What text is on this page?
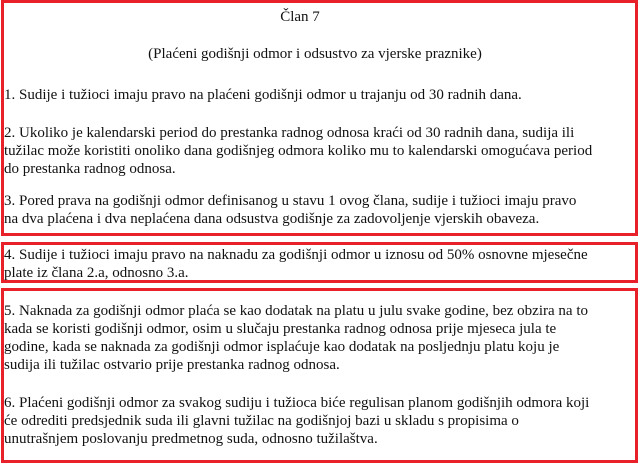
Član 7
(Plaćeni godišnji odmor i odsustvo za vjerske praznike)
1. Sudije i tužioci imaju pravo na plaćeni godišnji odmor u trajanju od 30 radnih dana.
2. Ukoliko je kalendarski period do prestanka radnog odnosa kraći od 30 radnih dana, sudija ili
tužilac može koristiti onoliko dana godišnjeg odmora koliko mu to kalendarski omogućava period
do prestanka radnog odnosa.
3. Pored prava na godišnji odmor definisanog u stavu 1 ovog člana, sudije i tužioci imaju pravo
na dva plaćena i dva neplaćena dana odsustva godišnje za zadovoljenje vjerskih obaveza.
4. Sudije i tužioci imaju pravo na naknadu za godišnji odmor u iznosu od 50% osnovne mjesečne
plate iz člana 2.a, odnosno 3.a.
5. Naknada za godišnji odmor plaća se kao dodatak na platu u julu svake godine, bez obzira na to
kada se koristi godišnji odmor, osim u slučaju prestanka radnog odnosa prije mjeseca jula te
godine, kada se naknada za godišnji odmor isplaćuje kao dodatak na posljednju platu koju je
sudija ili tužilac ostvario prije prestanka radnog odnosa.
6. Plaćeni godišnji odmor za svakog sudiju i tužioca biće regulisan planom godišnjih odmora koji
će odrediti predsjednik suda ili glavni tužilac na godišnjoj bazi u skladu s propisima o
unutrašnjem poslovanju predmetnog suda, odnosno tužilaštva.
